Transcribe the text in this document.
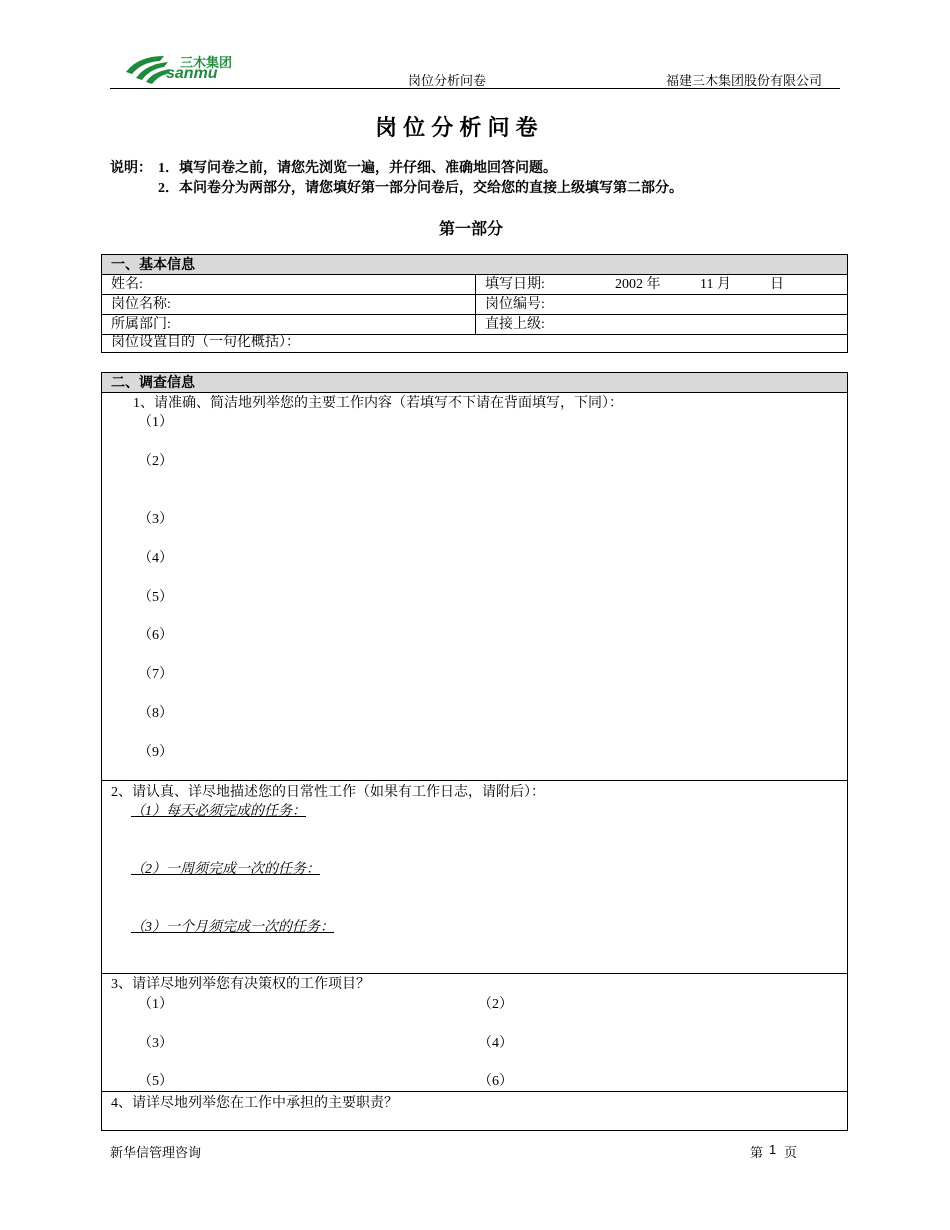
三木集团
sanmu	岗位分析问卷	福建三木集团股份有限公司
岗 位 分 析 问 卷
说明： 1．填写问卷之前，请您先浏览一遍，并仔细、准确地回答问题。
2．本问卷分为两部分，请您填好第一部分问卷后，交给您的直接上级填写第二部分。
第一部分
一、基本信息
姓名:	填写日期:	2002 年	11 月	日
岗位名称:	岗位编号:
所属部门:	直接上级:
岗位设置目的（一句化概括）：
二、调查信息
1、请准确、简洁地列举您的主要工作内容（若填写不下请在背面填写，下同）：
（1）
（2）
（3）
（4）
（5）
（6）
（7）
（8）
（9）
2、请认真、详尽地描述您的日常性工作（如果有工作日志，请附后）：
（1）每天必须完成的任务：
（2）一周须完成一次的任务：
（3）一个月须完成一次的任务：
3、请详尽地列举您有决策权的工作项目？
（1）	（2）
（3）	（4）
（5）	（6）
4、请详尽地列举您在工作中承担的主要职责？
新华信管理咨询	第 1 页
